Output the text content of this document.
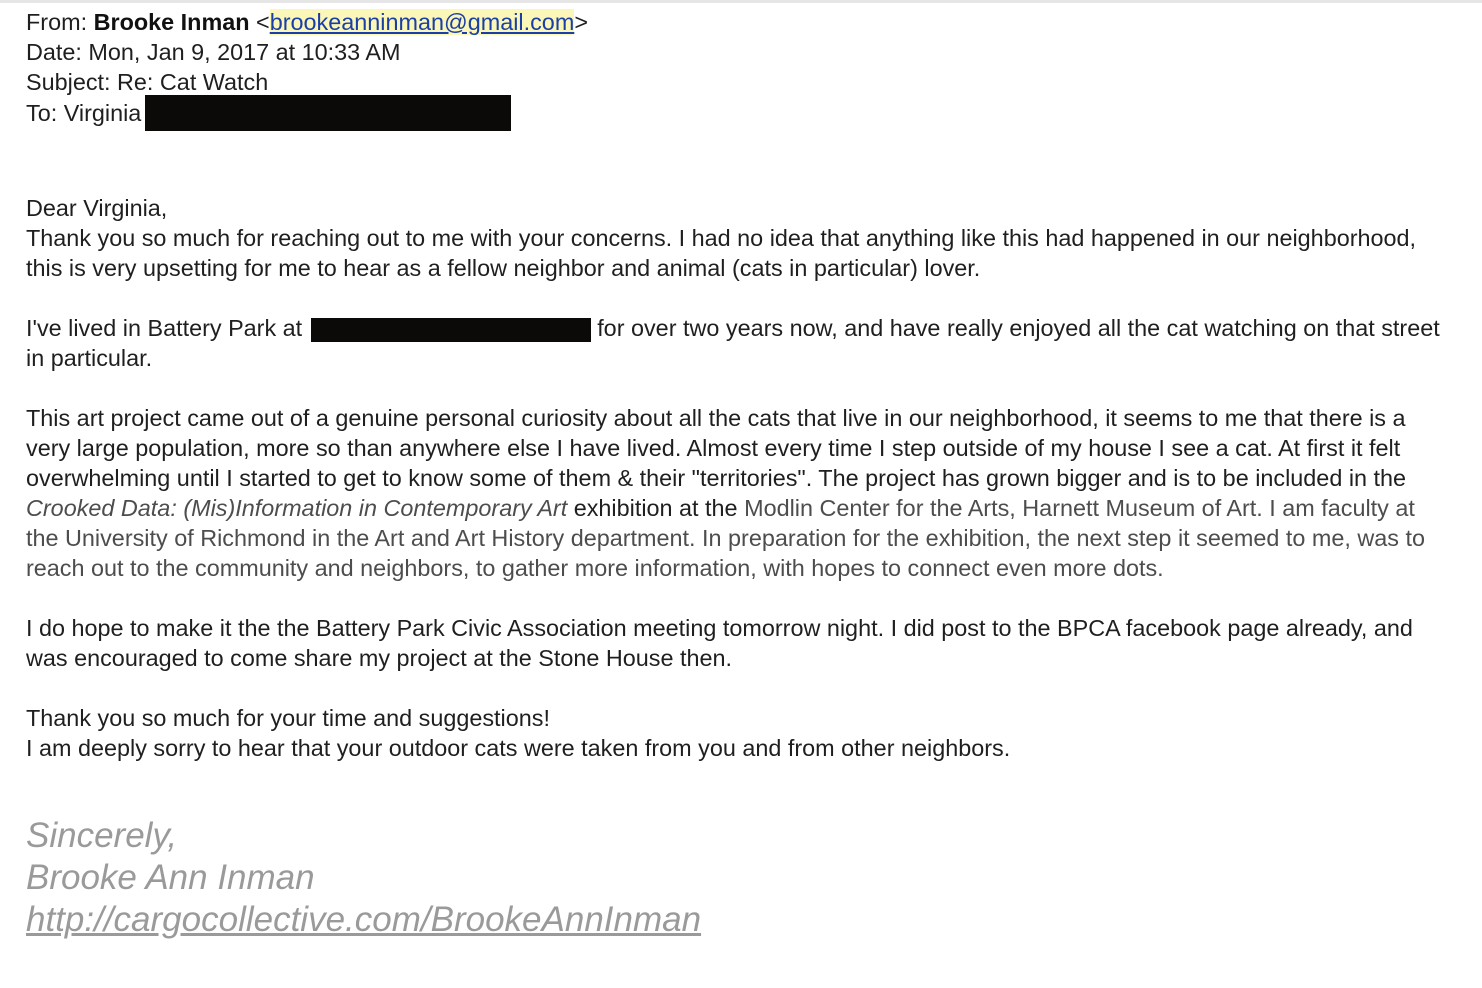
From: Brooke Inman <brookeanninman@gmail.com>
Date: Mon, Jan 9, 2017 at 10:33 AM
Subject: Re: Cat Watch
To: Virginia
Dear Virginia,
Thank you so much for reaching out to me with your concerns. I had no idea that anything like this had happened in our neighborhood, this is very upsetting for me to hear as a fellow neighbor and animal (cats in particular) lover.
I've lived in Battery Park at	for over two years now, and have really enjoyed all the cat watching on that street in particular.
This art project came out of a genuine personal curiosity about all the cats that live in our neighborhood, it seems to me that there is a very large population, more so than anywhere else I have lived. Almost every time I step outside of my house I see a cat. At first it felt overwhelming until I started to get to know some of them & their "territories". The project has grown bigger and is to be included in the Crooked Data: (Mis)Information in Contemporary Art exhibition at the Modlin Center for the Arts, Harnett Museum of Art. I am faculty at the University of Richmond in the Art and Art History department. In preparation for the exhibition, the next step it seemed to me, was to reach out to the community and neighbors, to gather more information, with hopes to connect even more dots.
I do hope to make it the the Battery Park Civic Association meeting tomorrow night. I did post to the BPCA facebook page already, and was encouraged to come share my project at the Stone House then.
Thank you so much for your time and suggestions!
I am deeply sorry to hear that your outdoor cats were taken from you and from other neighbors.
Sincerely,
Brooke Ann Inman
http://cargocollective.com/BrookeAnnInman
